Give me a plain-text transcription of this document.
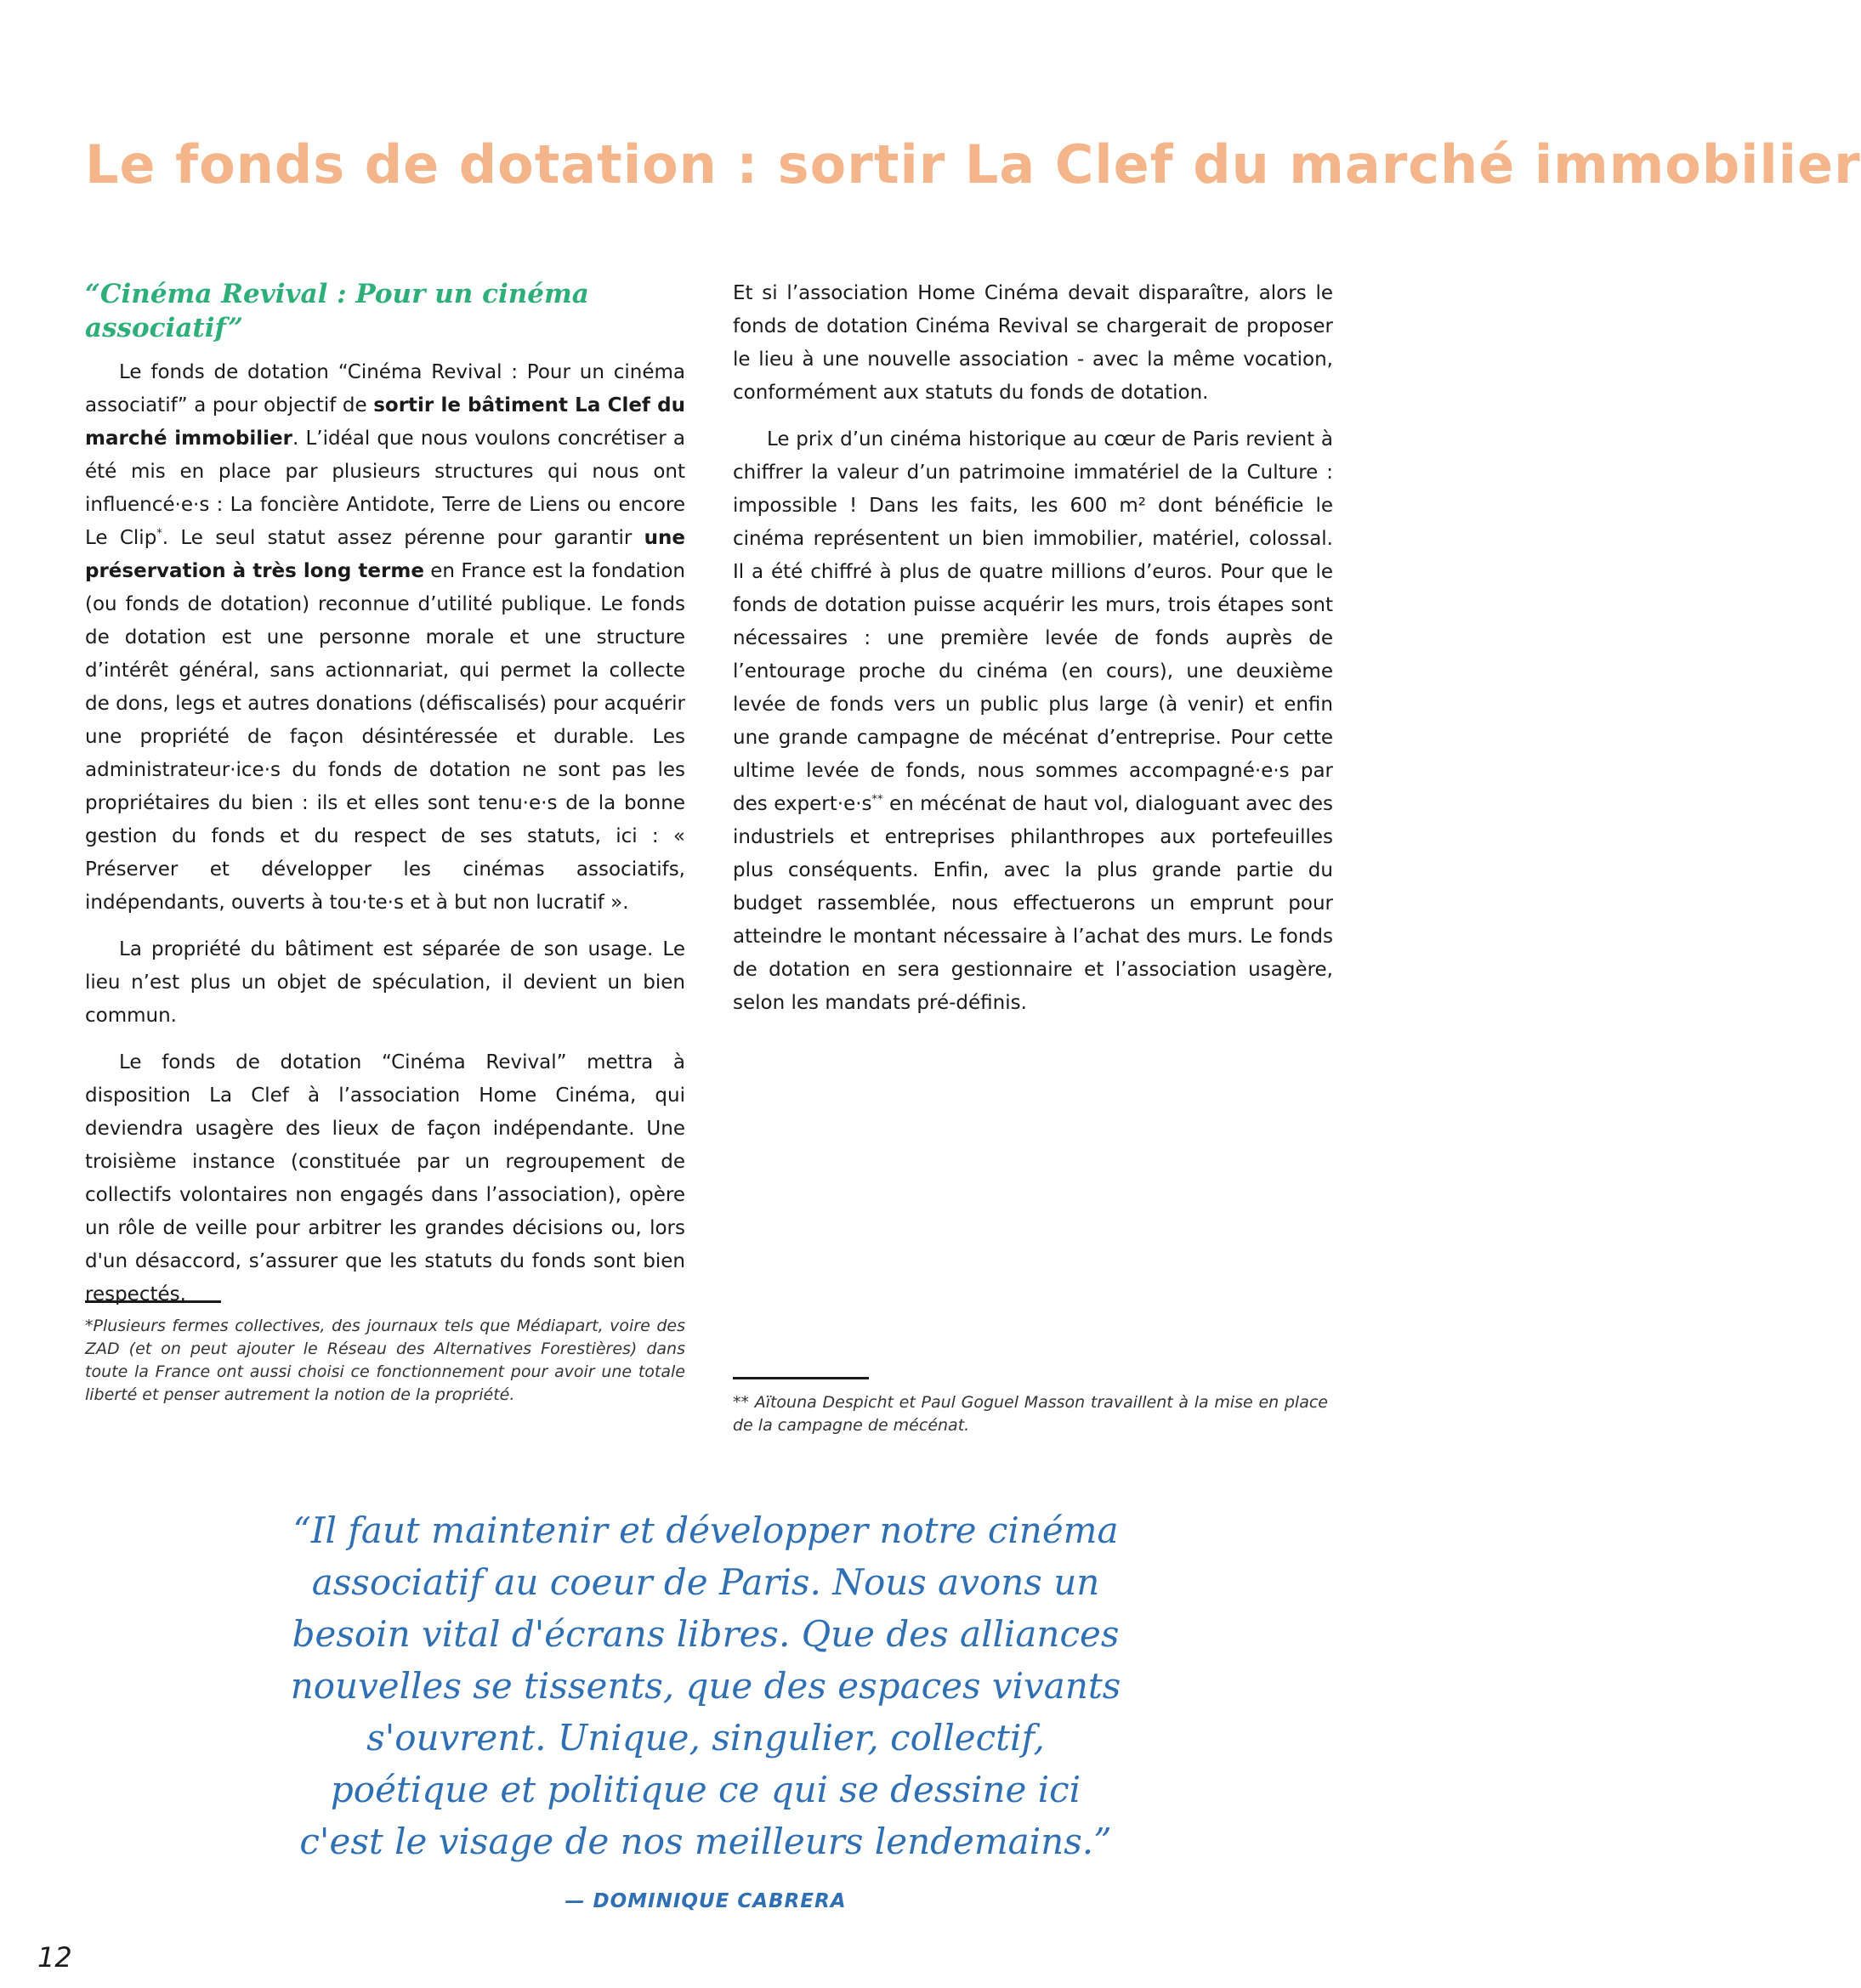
Le fonds de dotation : sortir La Clef du marché immobilier
“Cinéma Revival : Pour un cinéma associatif”

Le fonds de dotation “Cinéma Revival : Pour un cinéma associatif” a pour objectif de sortir le bâtiment La Clef du marché immobilier. L’idéal que nous voulons concrétiser a été mis en place par plusieurs structures qui nous ont influencé·e·s : La foncière Antidote, Terre de Liens ou encore Le Clip*. Le seul statut assez pérenne pour garantir une préservation à très long terme en France est la fondation (ou fonds de dotation) reconnue d’utilité publique. Le fonds de dotation est une personne morale et une structure d’intérêt général, sans actionnariat, qui permet la collecte de dons, legs et autres donations (défiscalisés) pour acquérir une propriété de façon désintéressée et durable. Les administrateur·ice·s du fonds de dotation ne sont pas les propriétaires du bien : ils et elles sont tenu·e·s de la bonne gestion du fonds et du respect de ses statuts, ici : « Préserver et développer les cinémas associatifs, indépendants, ouverts à tou·te·s et à but non lucratif ».

La propriété du bâtiment est séparée de son usage. Le lieu n’est plus un objet de spéculation, il devient un bien commun.

Le fonds de dotation “Cinéma Revival” mettra à disposition La Clef à l’association Home Cinéma, qui deviendra usagère des lieux de façon indépendante. Une troisième instance (constituée par un regroupement de collectifs volontaires non engagés dans l’association), opère un rôle de veille pour arbitrer les grandes décisions ou, lors d'un désaccord, s’assurer que les statuts du fonds sont bien respectés.

Et si l’association Home Cinéma devait disparaître, alors le fonds de dotation Cinéma Revival se chargerait de proposer le lieu à une nouvelle association - avec la même vocation, conformément aux statuts du fonds de dotation.

Le prix d’un cinéma historique au cœur de Paris revient à chiffrer la valeur d’un patrimoine immatériel de la Culture : impossible ! Dans les faits, les 600 m² dont bénéficie le cinéma représentent un bien immobilier, matériel, colossal. Il a été chiffré à plus de quatre millions d’euros. Pour que le fonds de dotation puisse acquérir les murs, trois étapes sont nécessaires : une première levée de fonds auprès de l’entourage proche du cinéma (en cours), une deuxième levée de fonds vers un public plus large (à venir) et enfin une grande campagne de mécénat d’entreprise. Pour cette ultime levée de fonds, nous sommes accompagné·e·s par des expert·e·s** en mécénat de haut vol, dialoguant avec des industriels et entreprises philanthropes aux portefeuilles plus conséquents. Enfin, avec la plus grande partie du budget rassemblée, nous effectuerons un emprunt pour atteindre le montant nécessaire à l’achat des murs. Le fonds de dotation en sera gestionnaire et l’association usagère, selon les mandats pré-définis.

*Plusieurs fermes collectives, des journaux tels que Médiapart, voire des ZAD (et on peut ajouter le Réseau des Alternatives Forestières) dans toute la France ont aussi choisi ce fonctionnement pour avoir une totale liberté et penser autrement la notion de la propriété.	** Aïtouna Despicht et Paul Goguel Masson travaillent à la mise en place de la campagne de mécénat.

“Il faut maintenir et développer notre cinéma associatif au coeur de Paris. Nous avons un besoin vital d'écrans libres. Que des alliances nouvelles se tissents, que des espaces vivants s'ouvrent. Unique, singulier, collectif, poétique et politique ce qui se dessine ici c'est le visage de nos meilleurs lendemains.”

— DOMINIQUE CABRERA
12
